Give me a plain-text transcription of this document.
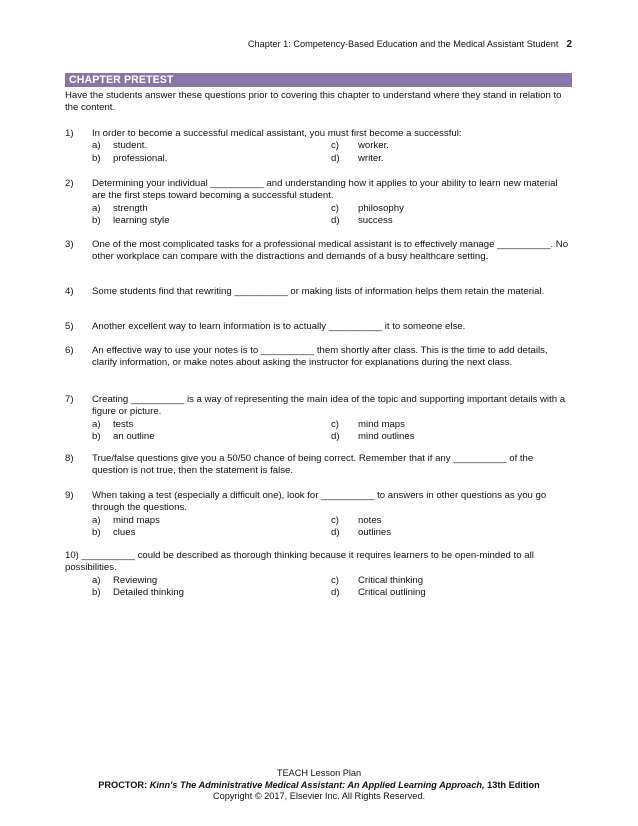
Chapter 1: Competency-Based Education and the Medical Assistant Student 2
CHAPTER PRETEST
Have the students answer these questions prior to covering this chapter to understand where they stand in relation to the content.
1)	In order to become a successful medical assistant, you must first become a successful:
a)	student.	c)	worker.
b)	professional.	d)	writer.
2)	Determining your individual __________ and understanding how it applies to your ability to learn new material are the first steps toward becoming a successful student.
a)	strength	c)	philosophy
b)	learning style	d)	success
3)	One of the most complicated tasks for a professional medical assistant is to effectively manage __________. No other workplace can compare with the distractions and demands of a busy healthcare setting.
4)	Some students find that rewriting __________ or making lists of information helps them retain the material.
5)	Another excellent way to learn information is to actually __________ it to someone else.
6)	An effective way to use your notes is to __________ them shortly after class. This is the time to add details, clarify information, or make notes about asking the instructor for explanations during the next class.
7)	Creating __________ is a way of representing the main idea of the topic and supporting important details with a figure or picture.
a)	tests	c)	mind maps
b)	an outline	d)	mind outlines
8)	True/false questions give you a 50/50 chance of being correct. Remember that if any __________ of the question is not true, then the statement is false.
9)	When taking a test (especially a difficult one), look for __________ to answers in other questions as you go through the questions.
a)	mind maps	c)	notes
b)	clues	d)	outlines
10) __________ could be described as thorough thinking because it requires learners to be open-minded to all possibilities.
a)	Reviewing	c)	Critical thinking
b)	Detailed thinking	d)	Critical outlining
TEACH Lesson Plan
PROCTOR: Kinn's The Administrative Medical Assistant: An Applied Learning Approach, 13th Edition
Copyright © 2017, Elsevier Inc. All Rights Reserved.
